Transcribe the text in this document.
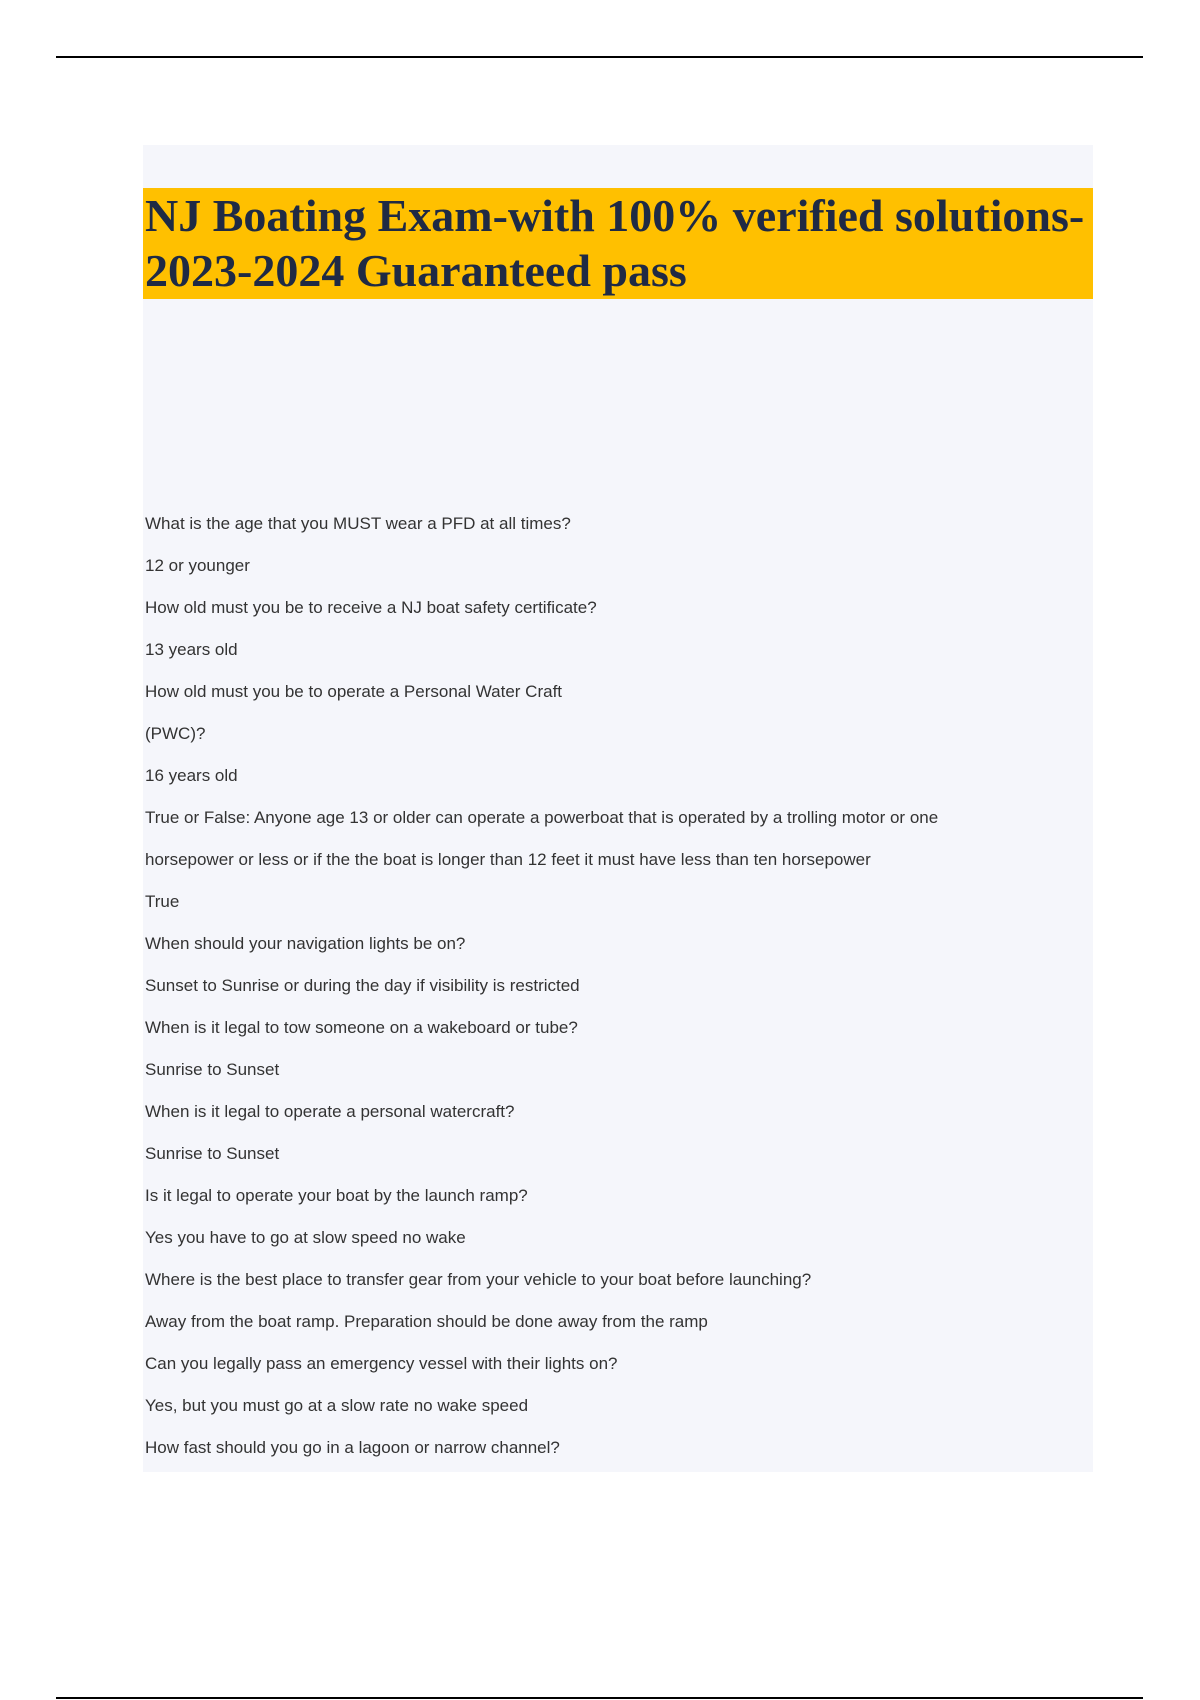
NJ Boating Exam-with 100% verified solutions-2023-2024 Guaranteed pass
What is the age that you MUST wear a PFD at all times?
12 or younger
How old must you be to receive a NJ boat safety certificate?
13 years old
How old must you be to operate a Personal Water Craft
(PWC)?
16 years old
True or False: Anyone age 13 or older can operate a powerboat that is operated by a trolling motor or one
horsepower or less or if the the boat is longer than 12 feet it must have less than ten horsepower
True
When should your navigation lights be on?
Sunset to Sunrise or during the day if visibility is restricted
When is it legal to tow someone on a wakeboard or tube?
Sunrise to Sunset
When is it legal to operate a personal watercraft?
Sunrise to Sunset
Is it legal to operate your boat by the launch ramp?
Yes you have to go at slow speed no wake
Where is the best place to transfer gear from your vehicle to your boat before launching?
Away from the boat ramp. Preparation should be done away from the ramp
Can you legally pass an emergency vessel with their lights on?
Yes, but you must go at a slow rate no wake speed
How fast should you go in a lagoon or narrow channel?
